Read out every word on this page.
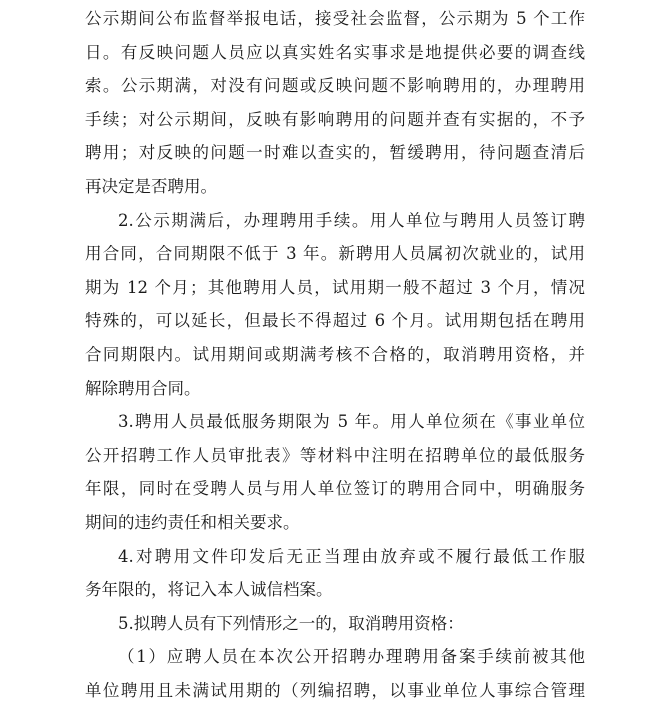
公示期间公布监督举报电话，接受社会监督，公示期为 5 个工作
日。有反映问题人员应以真实姓名实事求是地提供必要的调查线
索。公示期满，对没有问题或反映问题不影响聘用的，办理聘用
手续；对公示期间，反映有影响聘用的问题并查有实据的，不予
聘用；对反映的问题一时难以查实的，暂缓聘用，待问题查清后
再决定是否聘用。
2.公示期满后，办理聘用手续。用人单位与聘用人员签订聘
用合同，合同期限不低于 3 年。新聘用人员属初次就业的，试用
期为 12 个月；其他聘用人员，试用期一般不超过 3 个月，情况
特殊的，可以延长，但最长不得超过 6 个月。试用期包括在聘用
合同期限内。试用期间或期满考核不合格的，取消聘用资格，并
解除聘用合同。
3.聘用人员最低服务期限为 5 年。用人单位须在《事业单位
公开招聘工作人员审批表》等材料中注明在招聘单位的最低服务
年限，同时在受聘人员与用人单位签订的聘用合同中，明确服务
期间的违约责任和相关要求。
4.对聘用文件印发后无正当理由放弃或不履行最低工作服
务年限的，将记入本人诚信档案。
5.拟聘人员有下列情形之一的，取消聘用资格：
（1）应聘人员在本次公开招聘办理聘用备案手续前被其他
单位聘用且未满试用期的（列编招聘，以事业单位人事综合管理
